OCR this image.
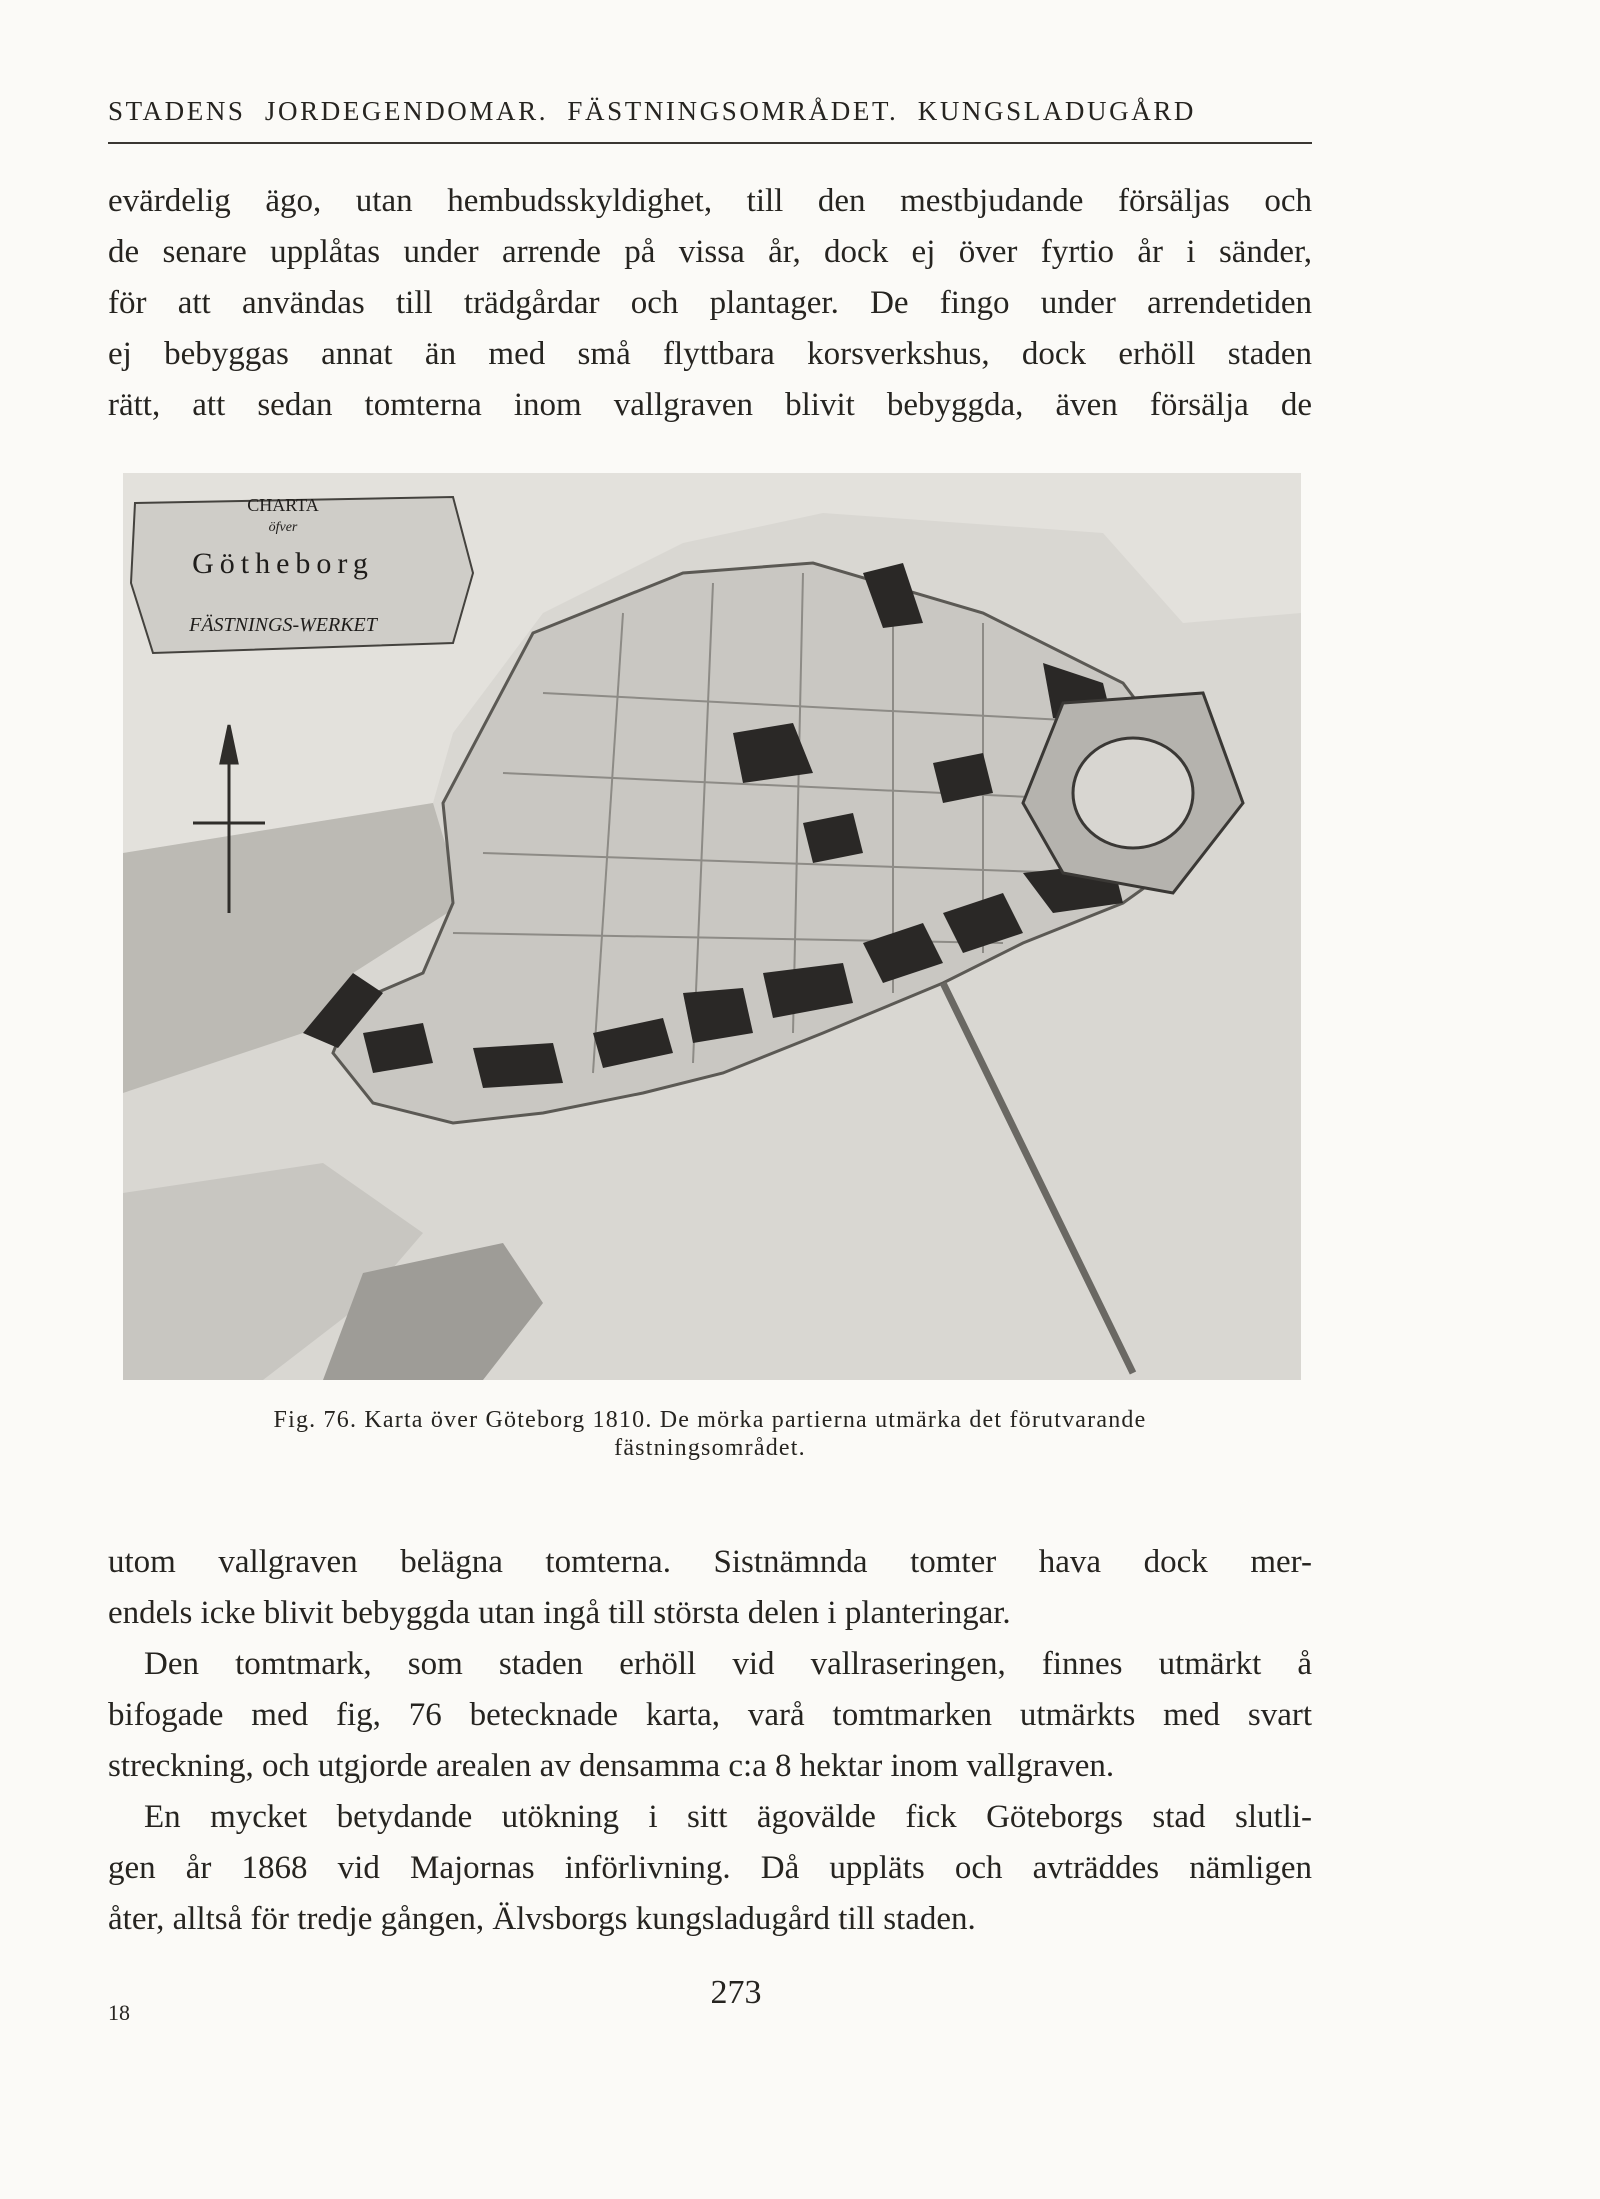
STADENS JORDEGENDOMAR. FÄSTNINGSOMRÅDET. KUNGSLADUGÅRD
evärdelig ägo, utan hembudsskyldighet, till den mestbjudande försäljas och
de senare upplåtas under arrende på vissa år, dock ej över fyrtio år i sänder,
för att användas till trädgårdar och plantager. De fingo under arrendetiden
ej bebyggas annat än med små flyttbara korsverkshus, dock erhöll staden
rätt, att sedan tomterna inom vallgraven blivit bebyggda, även försälja de
CHARTA
öfver
Götheborg
FÄSTNINGS-WERKET
Fig. 76. Karta över Göteborg 1810. De mörka partierna utmärka det förutvarande
fästningsområdet.
utom vallgraven belägna tomterna. Sistnämnda tomter hava dock mer-
endels icke blivit bebyggda utan ingå till största delen i planteringar.
Den tomtmark, som staden erhöll vid vallraseringen, finnes utmärkt å
bifogade med fig, 76 betecknade karta, varå tomtmarken utmärkts med svart
streckning, och utgjorde arealen av densamma c:a 8 hektar inom vallgraven.
En mycket betydande utökning i sitt ägovälde fick Göteborgs stad slutli-
gen år 1868 vid Majornas införlivning. Då uppläts och avträddes nämligen
åter, alltså för tredje gången, Älvsborgs kungsladugård till staden.
18
273
